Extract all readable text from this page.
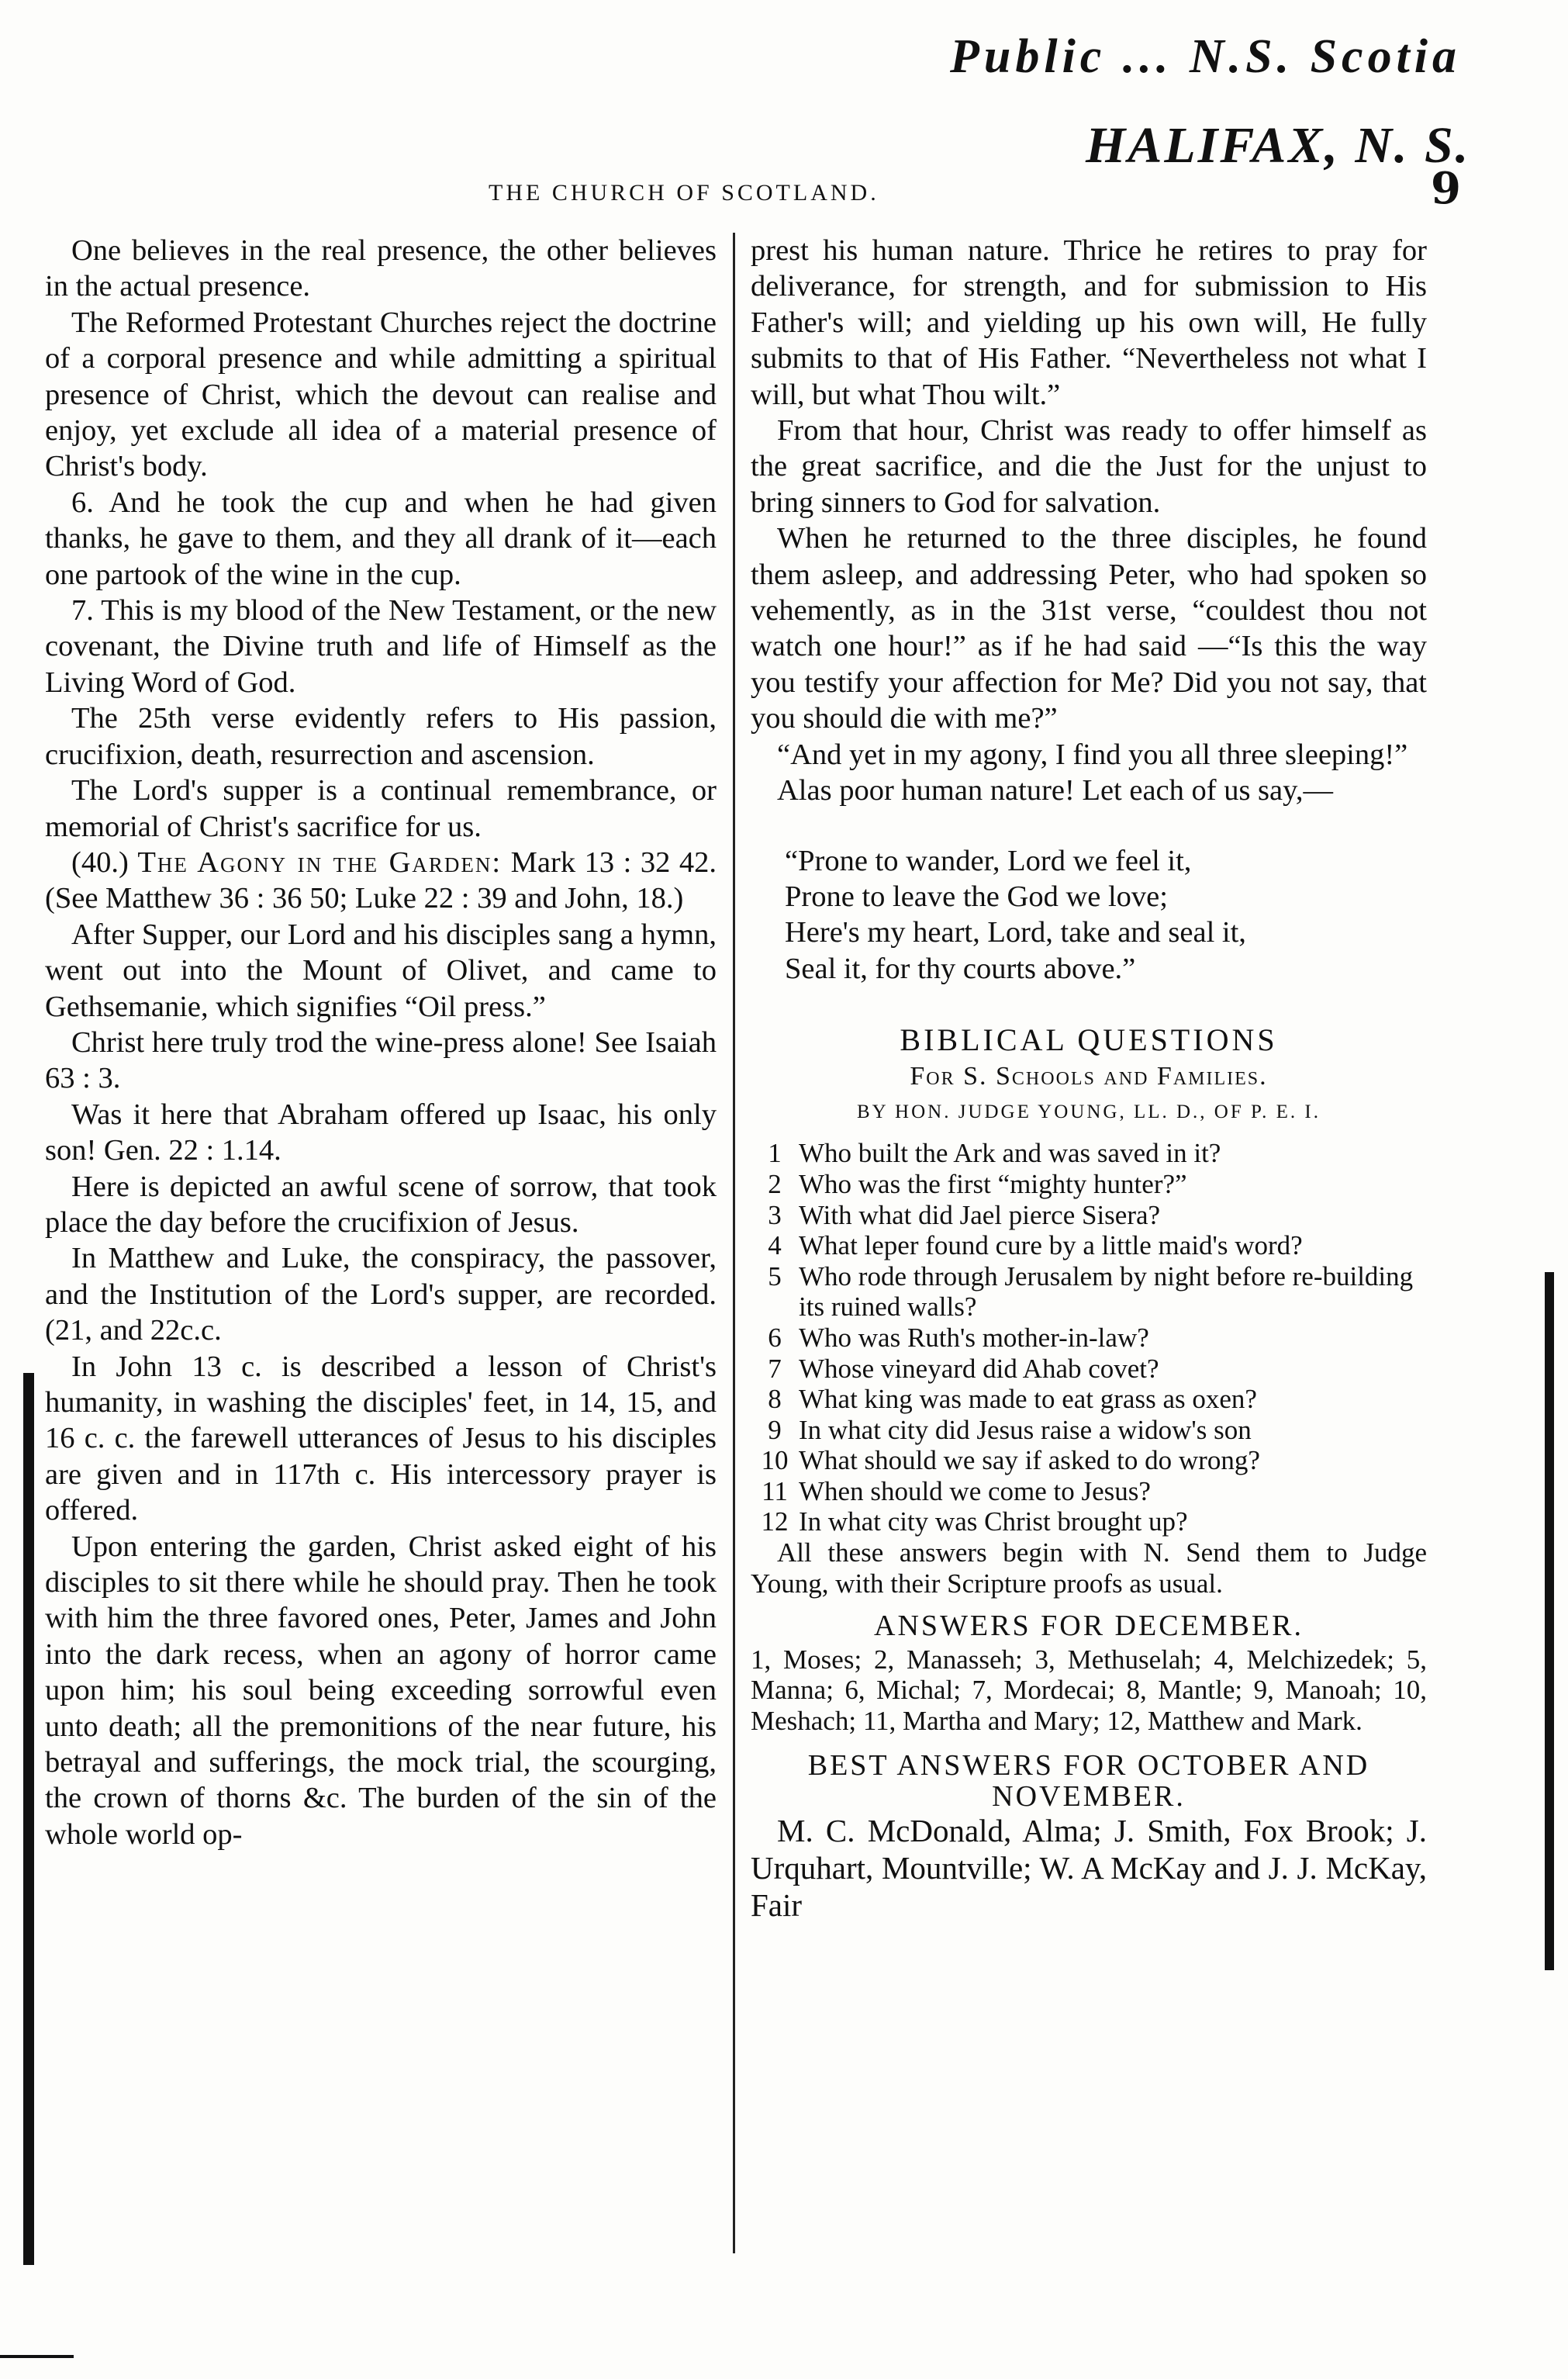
Public ... N.S. Scotia
HALIFAX, N. S.
9
THE CHURCH OF SCOTLAND.

One believes in the real presence, the other believes in the actual presence.

The Reformed Protestant Churches reject the doctrine of a corporal presence and while admitting a spiritual presence of Christ, which the devout can realise and enjoy, yet exclude all idea of a material presence of Christ's body.

6. And he took the cup and when he had given thanks, he gave to them, and they all drank of it—each one partook of the wine in the cup.

7. This is my blood of the New Testament, or the new covenant, the Divine truth and life of Himself as the Living Word of God.

The 25th verse evidently refers to His passion, crucifixion, death, resurrection and ascension.

The Lord's supper is a continual remembrance, or memorial of Christ's sacrifice for us.

(40.) The Agony in the Garden: Mark 13 : 32 42. (See Matthew 36 : 36 50; Luke 22 : 39 and John, 18.)

After Supper, our Lord and his disciples sang a hymn, went out into the Mount of Olivet, and came to Gethsemanie, which signifies “Oil press.”

Christ here truly trod the wine-press alone! See Isaiah 63 : 3.

Was it here that Abraham offered up Isaac, his only son! Gen. 22 : 1.14.

Here is depicted an awful scene of sorrow, that took place the day before the crucifixion of Jesus.

In Matthew and Luke, the conspiracy, the passover, and the Institution of the Lord's supper, are recorded. (21, and 22c.c.

In John 13 c. is described a lesson of Christ's humanity, in washing the disciples' feet, in 14, 15, and 16 c. c. the farewell utterances of Jesus to his disciples are given and in 117th c. His intercessory prayer is offered.

Upon entering the garden, Christ asked eight of his disciples to sit there while he should pray. Then he took with him the three favored ones, Peter, James and John into the dark recess, when an agony of horror came upon him; his soul being exceeding sorrowful even unto death; all the premonitions of the near future, his betrayal and sufferings, the mock trial, the scourging, the crown of thorns &c. The burden of the sin of the whole world op-

prest his human nature. Thrice he retires to pray for deliverance, for strength, and for submission to His Father's will; and yielding up his own will, He fully submits to that of His Father. “Nevertheless not what I will, but what Thou wilt.”

From that hour, Christ was ready to offer himself as the great sacrifice, and die the Just for the unjust to bring sinners to God for salvation.

When he returned to the three disciples, he found them asleep, and addressing Peter, who had spoken so vehemently, as in the 31st verse, “couldest thou not watch one hour!” as if he had said —“Is this the way you testify your affection for Me? Did you not say, that you should die with me?”

“And yet in my agony, I find you all three sleeping!”

Alas poor human nature! Let each of us say,—

“Prone to wander, Lord we feel it,
Prone to leave the God we love;
Here's my heart, Lord, take and seal it,
Seal it, for thy courts above.”
BIBLICAL QUESTIONS
For S. Schools and Families.
BY HON. JUDGE YOUNG, LL. D., OF P. E. I.
1 Who built the Ark and was saved in it?
2 Who was the first “mighty hunter?”
3 With what did Jael pierce Sisera?
4 What leper found cure by a little maid's word?
5 Who rode through Jerusalem by night before re-building its ruined walls?
6 Who was Ruth's mother-in-law?
7 Whose vineyard did Ahab covet?
8 What king was made to eat grass as oxen?
9 In what city did Jesus raise a widow's son
10 What should we say if asked to do wrong?
11 When should we come to Jesus?
12 In what city was Christ brought up?

All these answers begin with N. Send them to Judge Young, with their Scripture proofs as usual.

ANSWERS FOR DECEMBER.

1, Moses; 2, Manasseh; 3, Methuselah; 4, Melchizedek; 5, Manna; 6, Michal; 7, Mordecai; 8, Mantle; 9, Manoah; 10, Meshach; 11, Martha and Mary; 12, Matthew and Mark.

BEST ANSWERS FOR OCTOBER AND NOVEMBER.

M. C. McDonald, Alma; J. Smith, Fox Brook; J. Urquhart, Mountville; W. A McKay and J. J. McKay, Fair
